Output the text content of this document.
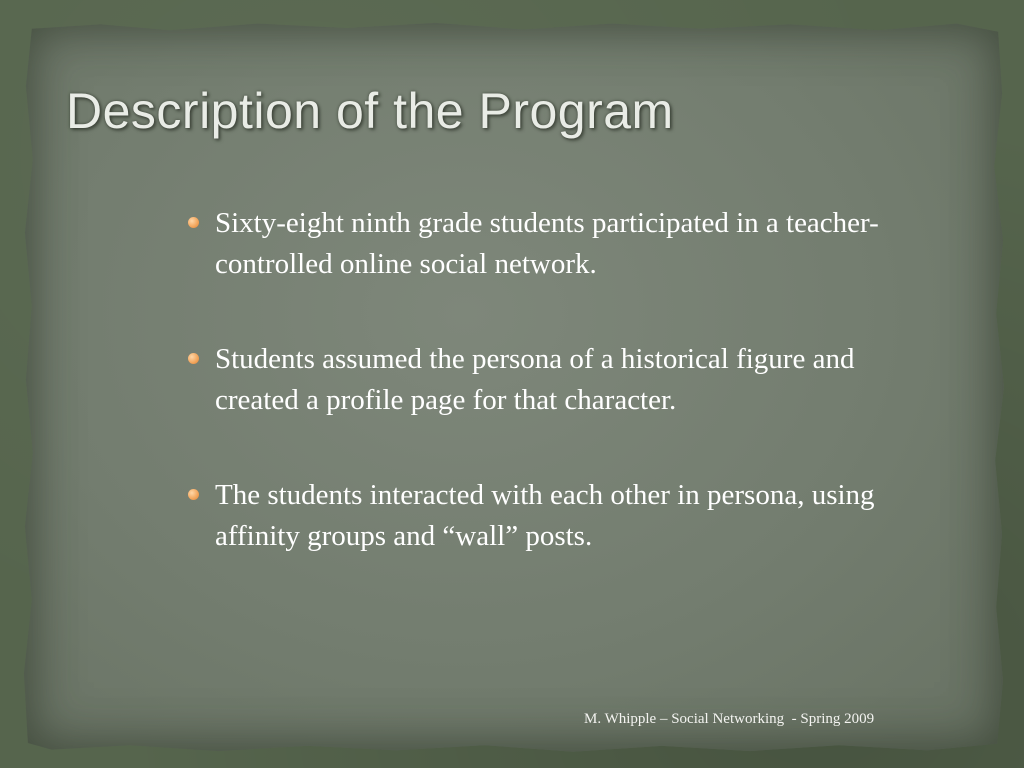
Description of the Program
Sixty-eight ninth grade students participated in a teacher-controlled online social network.
Students assumed the persona of a historical figure and created a profile page for that character.
The students interacted with each other in persona, using affinity groups and “wall” posts.
M. Whipple – Social Networking  - Spring 2009
